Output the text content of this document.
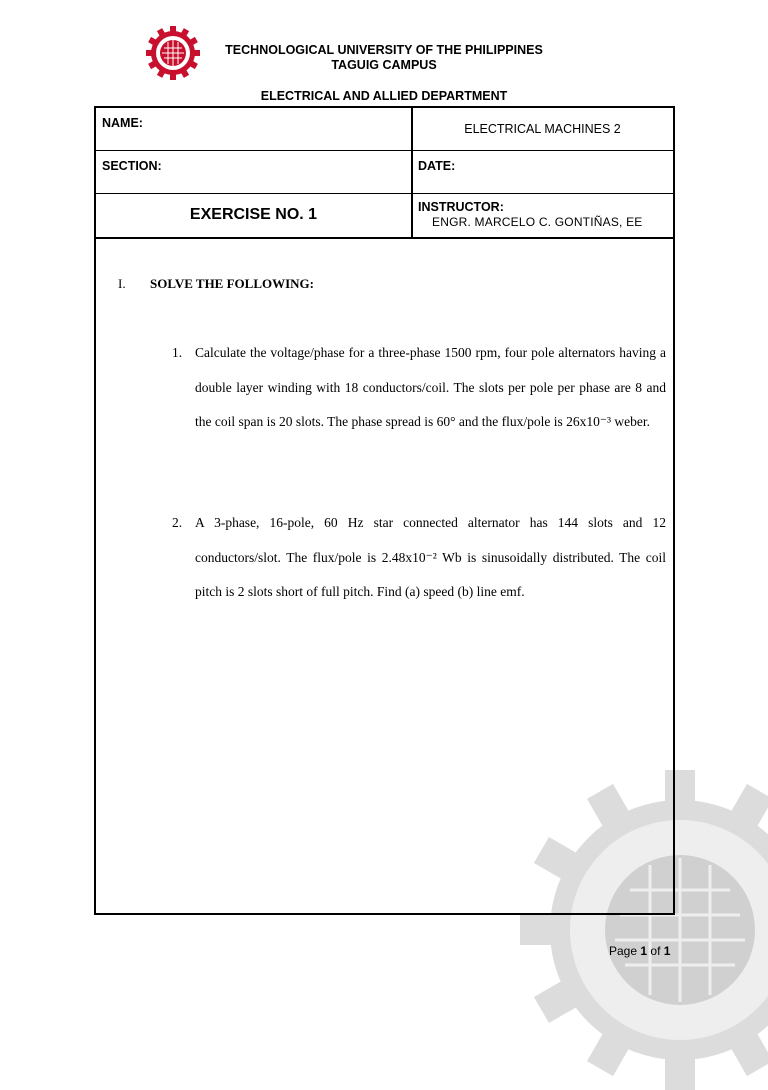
TECHNOLOGICAL UNIVERSITY OF THE PHILIPPINES
TAGUIG CAMPUS
ELECTRICAL AND ALLIED DEPARTMENT
NAME:	ELECTRICAL MACHINES 2
SECTION:	DATE:
EXERCISE NO. 1	INSTRUCTOR:
ENGR. MARCELO C. GONTIÑAS, EE
I. SOLVE THE FOLLOWING:
1. Calculate the voltage/phase for a three-phase 1500 rpm, four pole alternators having a double layer winding with 18 conductors/coil. The slots per pole per phase are 8 and the coil span is 20 slots. The phase spread is 60° and the flux/pole is 26x10⁻³ weber.
2. A 3-phase, 16-pole, 60 Hz star connected alternator has 144 slots and 12 conductors/slot. The flux/pole is 2.48x10⁻² Wb is sinusoidally distributed. The coil pitch is 2 slots short of full pitch. Find (a) speed (b) line emf.
Page 1 of 1
